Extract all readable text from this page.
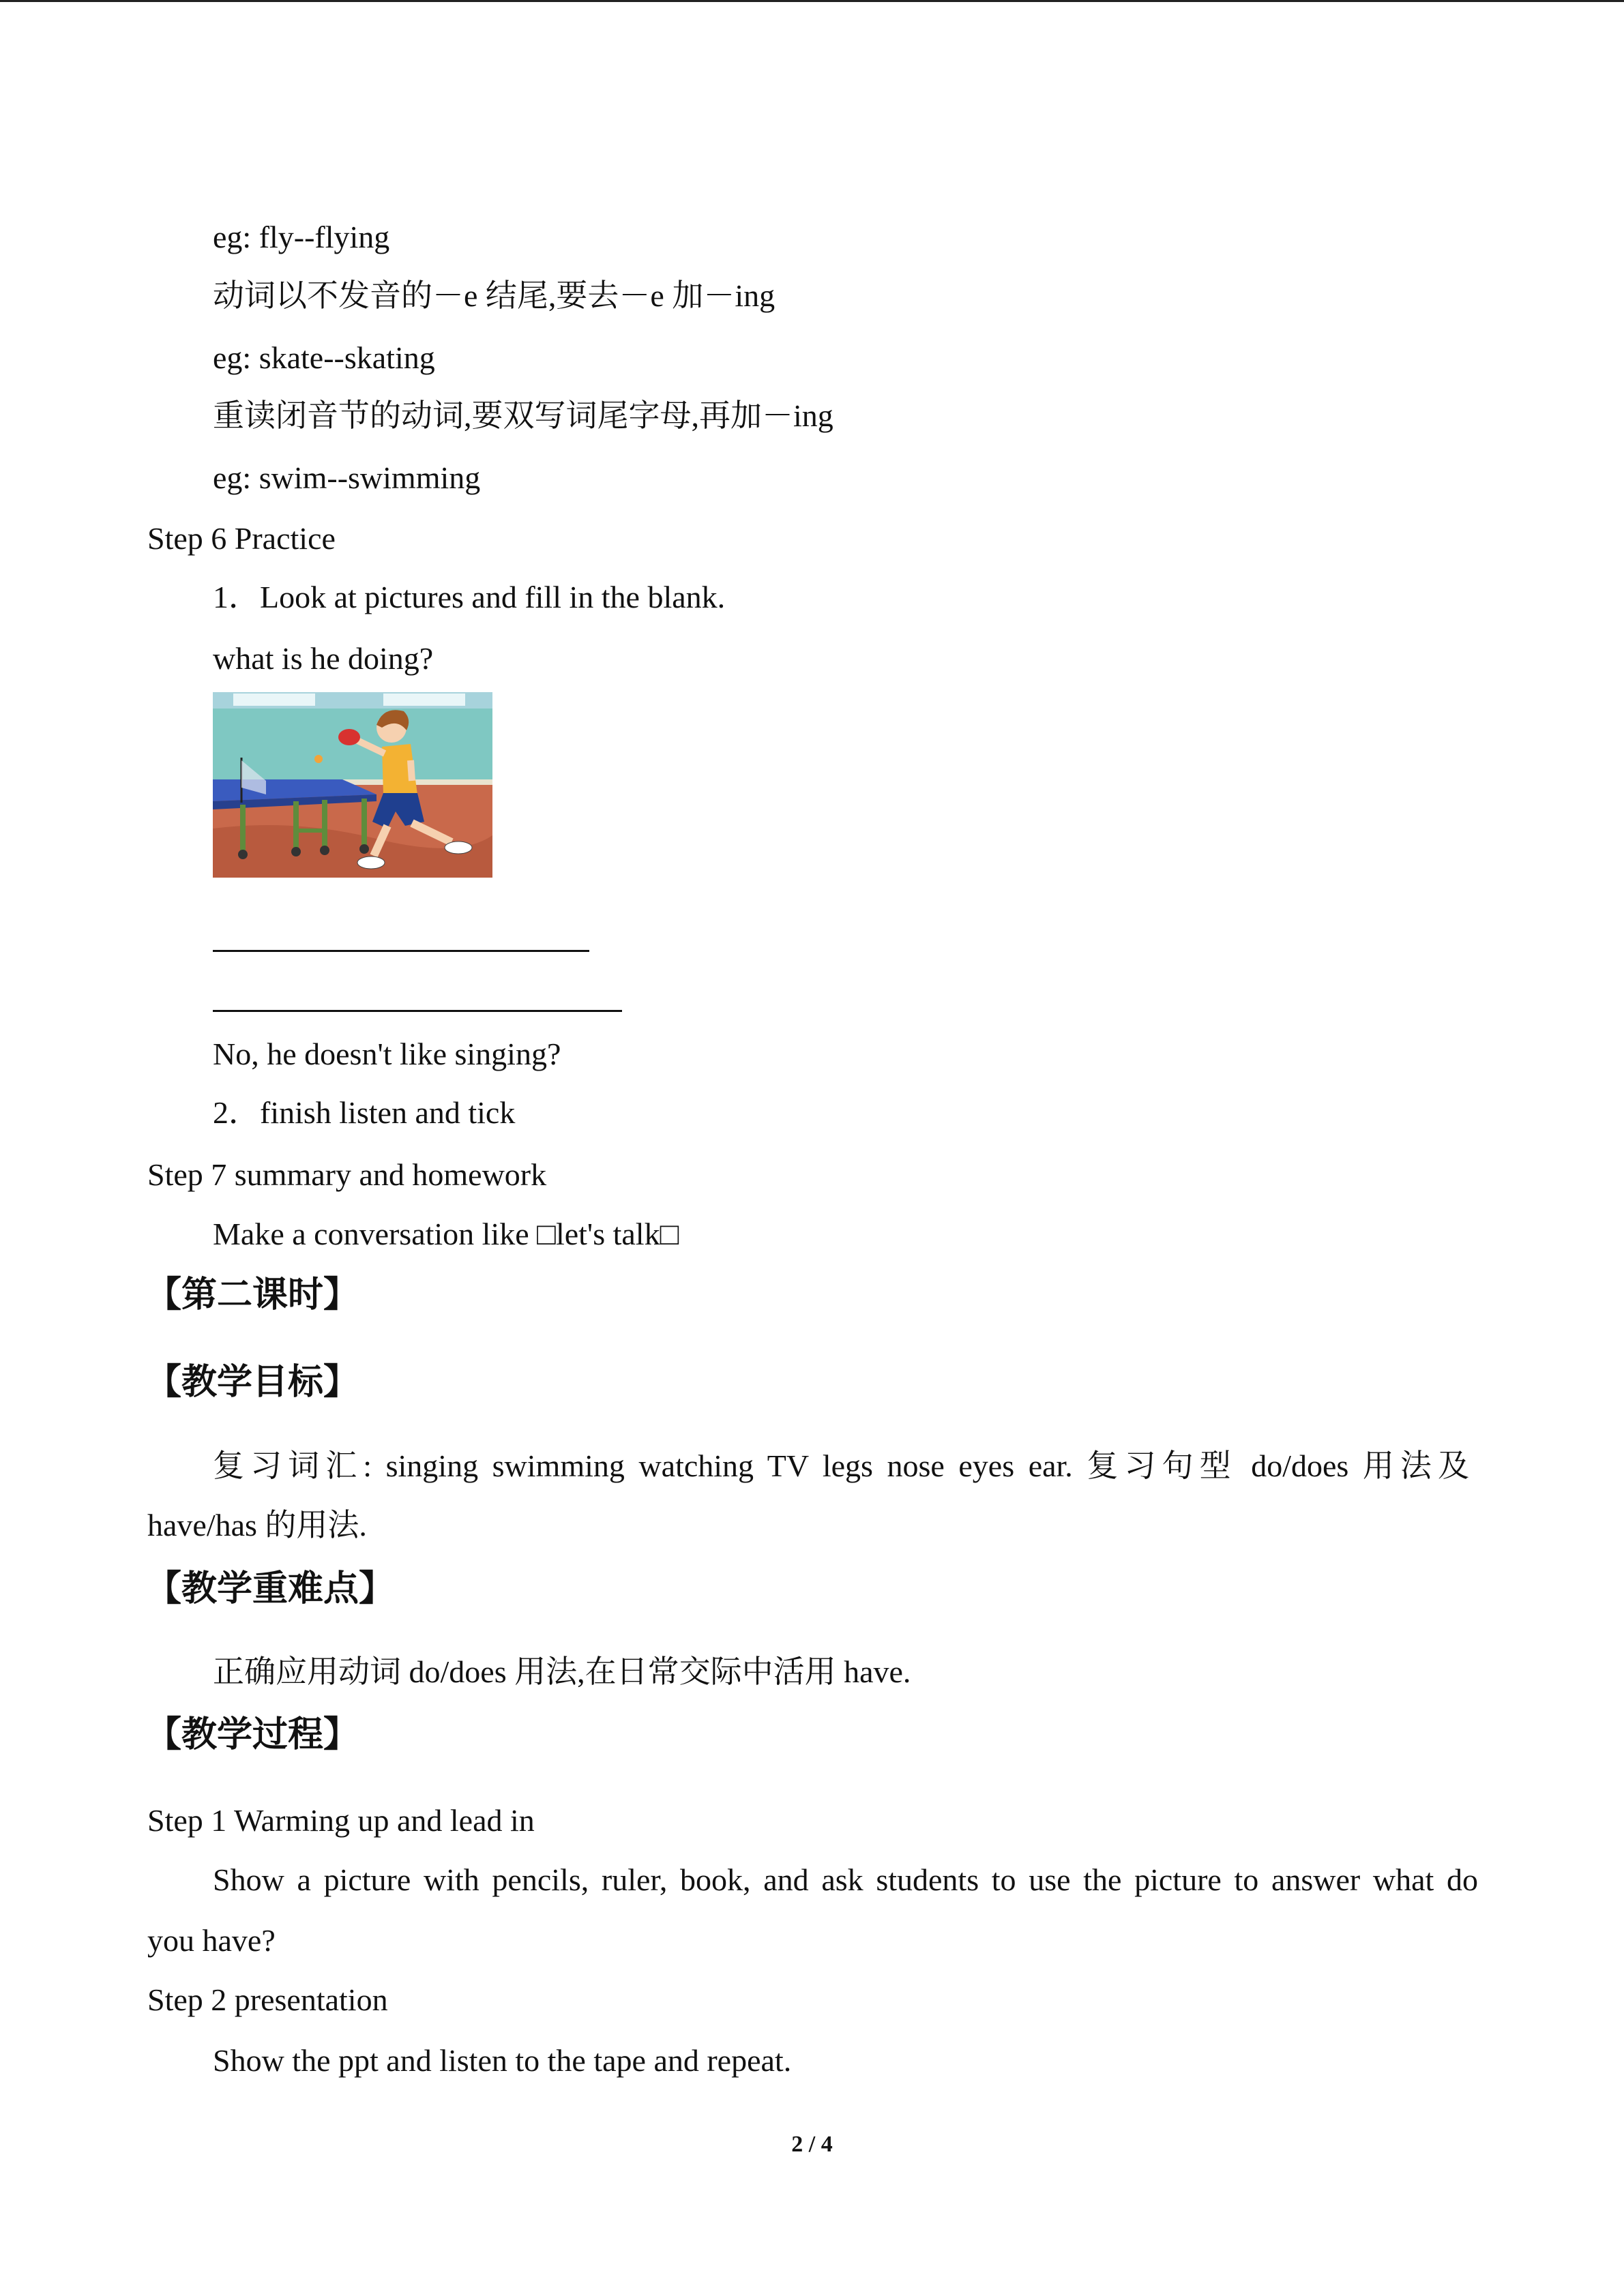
eg: fly--flying
动词以不发音的－e 结尾,要去－e 加－ing
eg: skate--skating
重读闭音节的动词,要双写词尾字母,再加－ing
eg: swim--swimming
Step 6 Practice
1．Look at pictures and fill in the blank.
what is he doing?
No, he doesn't like singing?
2．finish listen and tick
Step 7 summary and homework
Make a conversation like □let's talk□
【第二课时】
【教学目标】
复习词汇: singing swimming watching TV legs nose eyes ear. 复习句型 do/does 用法及
have/has 的用法.
【教学重难点】
正确应用动词 do/does 用法,在日常交际中活用 have.
【教学过程】
Step 1 Warming up and lead in
Show a picture with pencils, ruler, book, and ask students to use the picture to answer what do
you have?
Step 2 presentation
Show the ppt and listen to the tape and repeat.
2 / 4
